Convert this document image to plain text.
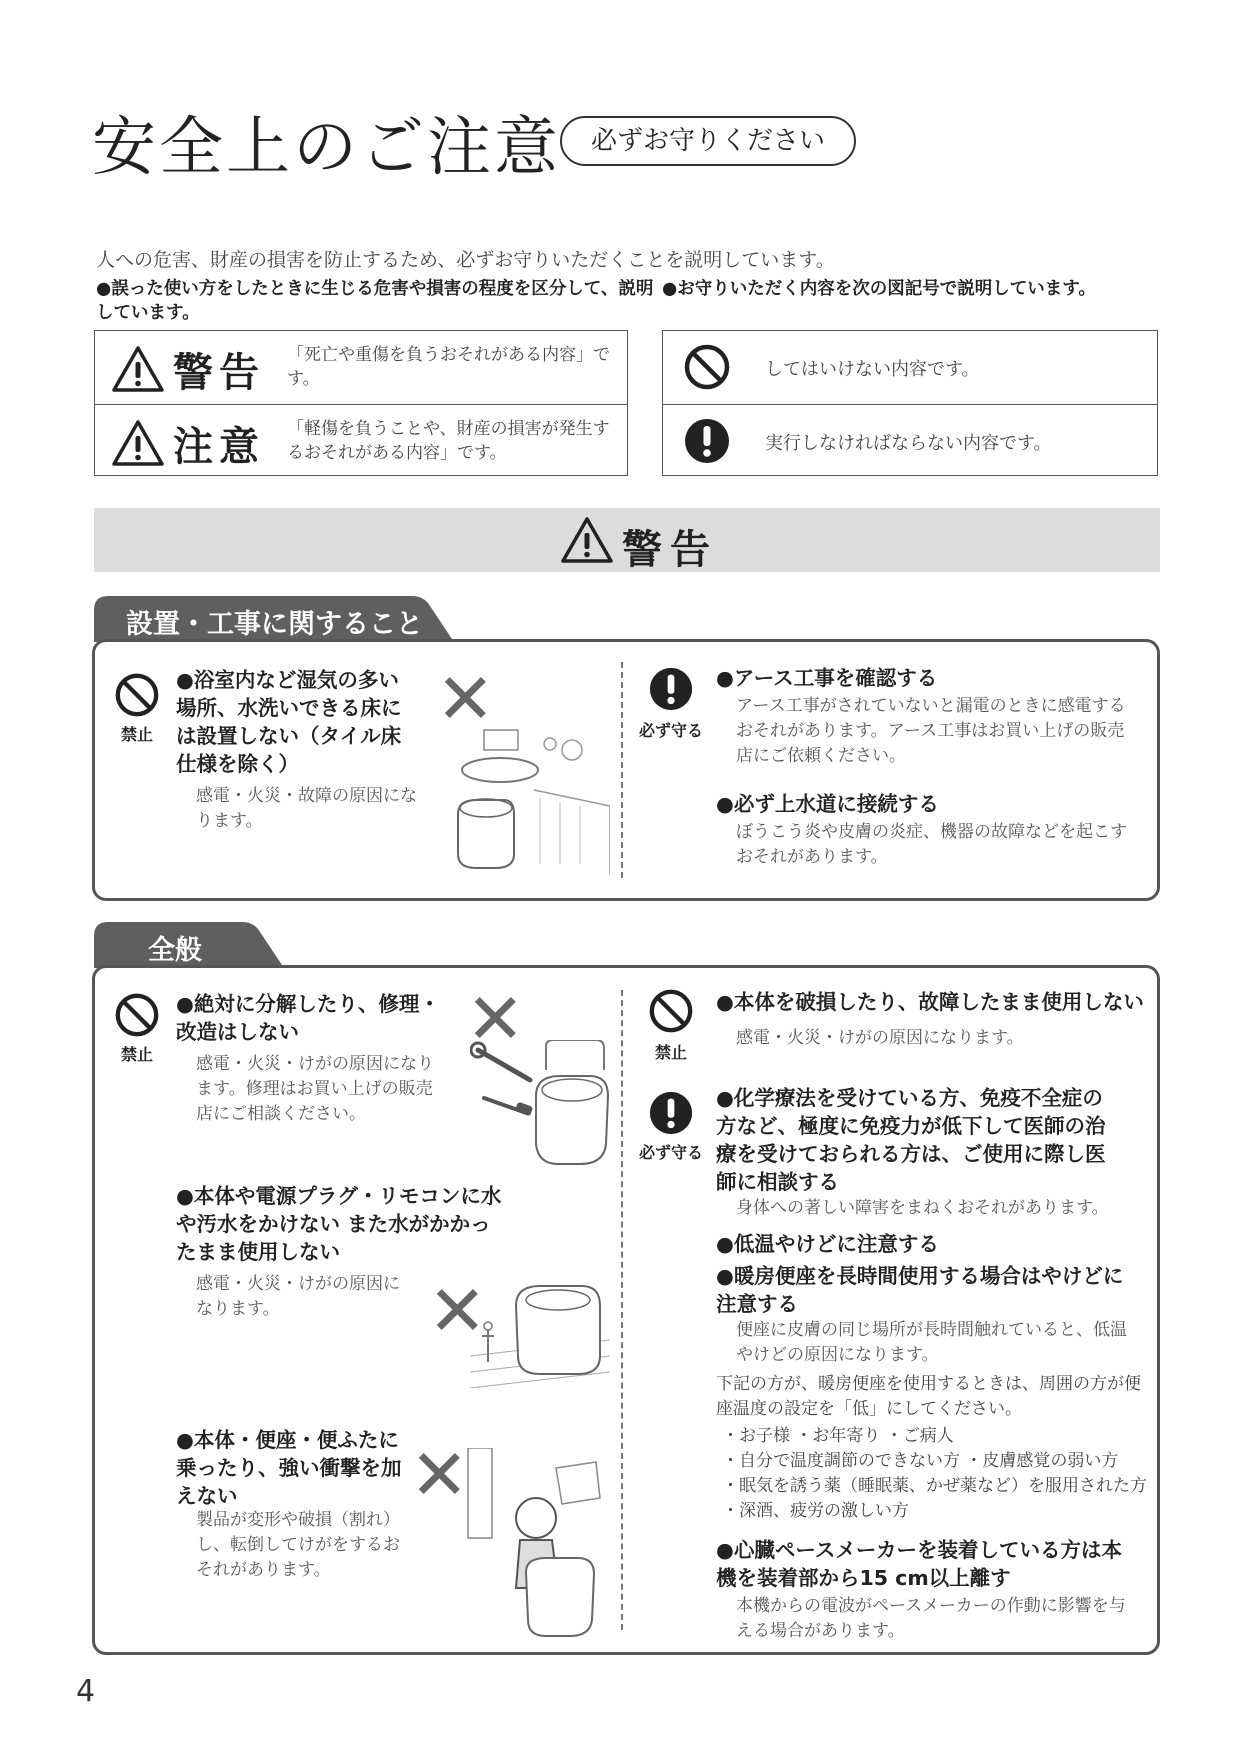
安全上のご注意	必ずお守りください
人への危害、財産の損害を防止するため、必ずお守りいただくことを説明しています。
●誤った使い方をしたときに生じる危害や損害の程度を区分して、説明しています。
●お守りいただく内容を次の図記号で説明しています。
警告 「死亡や重傷を負うおそれがある内容」です。
注意 「軽傷を負うことや、財産の損害が発生するおそれがある内容」です。
してはいけない内容です。
実行しなければならない内容です。
警告
設置・工事に関すること
禁止
●浴室内など湿気の多い場所、水洗いできる床には設置しない（タイル床仕様を除く）
感電・火災・故障の原因になります。
✕	必ず守る
●アース工事を確認する
アース工事がされていないと漏電のときに感電するおそれがあります。アース工事はお買い上げの販売店にご依頼ください。
●必ず上水道に接続する
ぼうこう炎や皮膚の炎症、機器の故障などを起こすおそれがあります。
全般
禁止
●絶対に分解したり、修理・改造はしない
感電・火災・けがの原因になります。修理はお買い上げの販売店にご相談ください。
✕
●本体や電源プラグ・リモコンに水や汚水をかけない また水がかかったまま使用しない
感電・火災・けがの原因になります。	✕
●本体・便座・便ふたに乗ったり、強い衝撃を加えない
製品が変形や破損（割れ）し、転倒してけがをするおそれがあります。
✕
禁止
●本体を破損したり、故障したまま使用しない
感電・火災・けがの原因になります。
必ず守る
●化学療法を受けている方、免疫不全症の方など、極度に免疫力が低下して医師の治療を受けておられる方は、ご使用に際し医師に相談する
身体への著しい障害をまねくおそれがあります。
●低温やけどに注意する
●暖房便座を長時間使用する場合はやけどに注意する
便座に皮膚の同じ場所が長時間触れていると、低温やけどの原因になります。
下記の方が、暖房便座を使用するときは、周囲の方が便座温度の設定を「低」にしてください。
・お子様 ・お年寄り ・ご病人
・自分で温度調節のできない方 ・皮膚感覚の弱い方
・眠気を誘う薬（睡眠薬、かぜ薬など）を服用された方
・深酒、疲労の激しい方
●心臓ペースメーカーを装着している方は本機を装着部から15 cm以上離す
本機からの電波がペースメーカーの作動に影響を与える場合があります。
4
